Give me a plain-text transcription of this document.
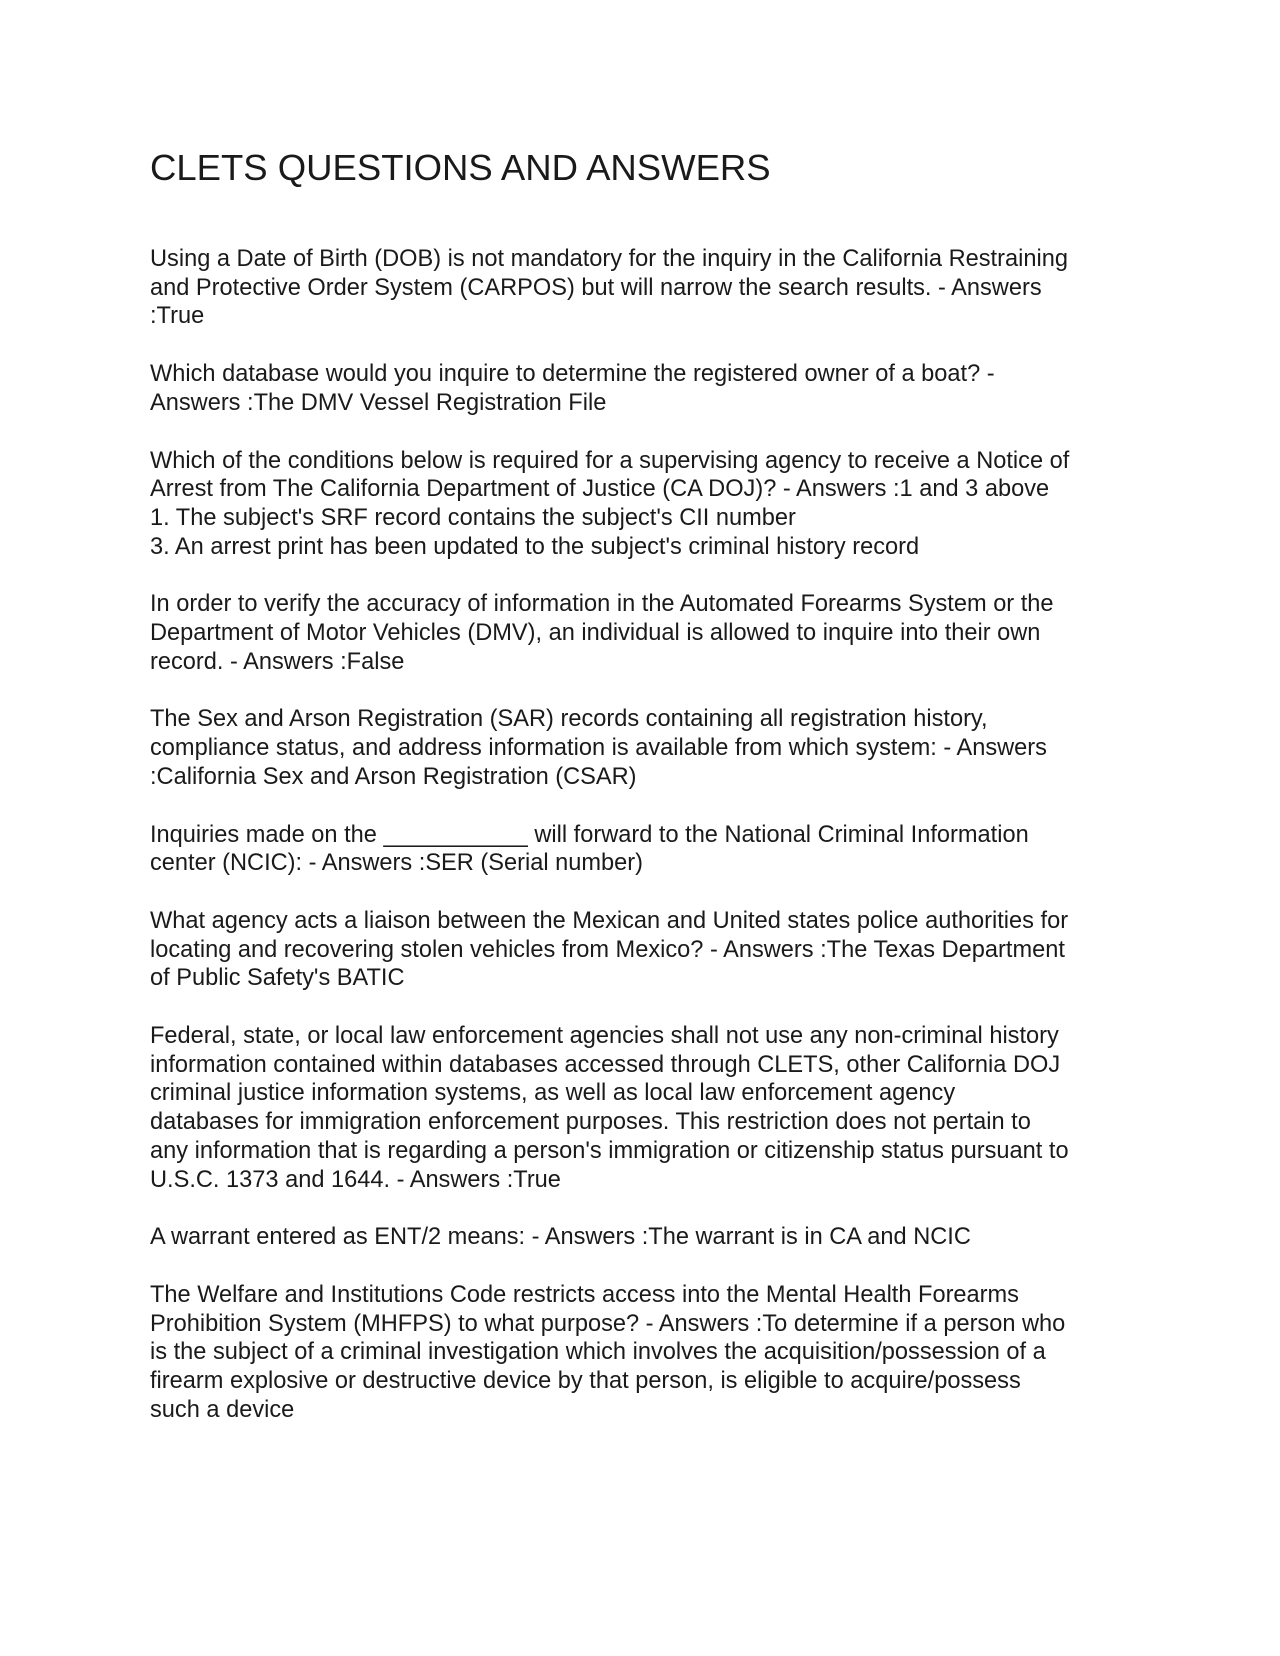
CLETS QUESTIONS AND ANSWERS
Using a Date of Birth (DOB) is not mandatory for the inquiry in the California Restraining
and Protective Order System (CARPOS) but will narrow the search results. - Answers
:True
Which database would you inquire to determine the registered owner of a boat? -
Answers :The DMV Vessel Registration File
Which of the conditions below is required for a supervising agency to receive a Notice of
Arrest from The California Department of Justice (CA DOJ)? - Answers :1 and 3 above
1. The subject's SRF record contains the subject's CII number
3. An arrest print has been updated to the subject's criminal history record
In order to verify the accuracy of information in the Automated Forearms System or the
Department of Motor Vehicles (DMV), an individual is allowed to inquire into their own
record. - Answers :False
The Sex and Arson Registration (SAR) records containing all registration history,
compliance status, and address information is available from which system: - Answers
:California Sex and Arson Registration (CSAR)
Inquiries made on the ___________ will forward to the National Criminal Information
center (NCIC): - Answers :SER (Serial number)
What agency acts a liaison between the Mexican and United states police authorities for
locating and recovering stolen vehicles from Mexico? - Answers :The Texas Department
of Public Safety's BATIC
Federal, state, or local law enforcement agencies shall not use any non-criminal history
information contained within databases accessed through CLETS, other California DOJ
criminal justice information systems, as well as local law enforcement agency
databases for immigration enforcement purposes. This restriction does not pertain to
any information that is regarding a person's immigration or citizenship status pursuant to
U.S.C. 1373 and 1644. - Answers :True
A warrant entered as ENT/2 means: - Answers :The warrant is in CA and NCIC
The Welfare and Institutions Code restricts access into the Mental Health Forearms
Prohibition System (MHFPS) to what purpose? - Answers :To determine if a person who
is the subject of a criminal investigation which involves the acquisition/possession of a
firearm explosive or destructive device by that person, is eligible to acquire/possess
such a device
